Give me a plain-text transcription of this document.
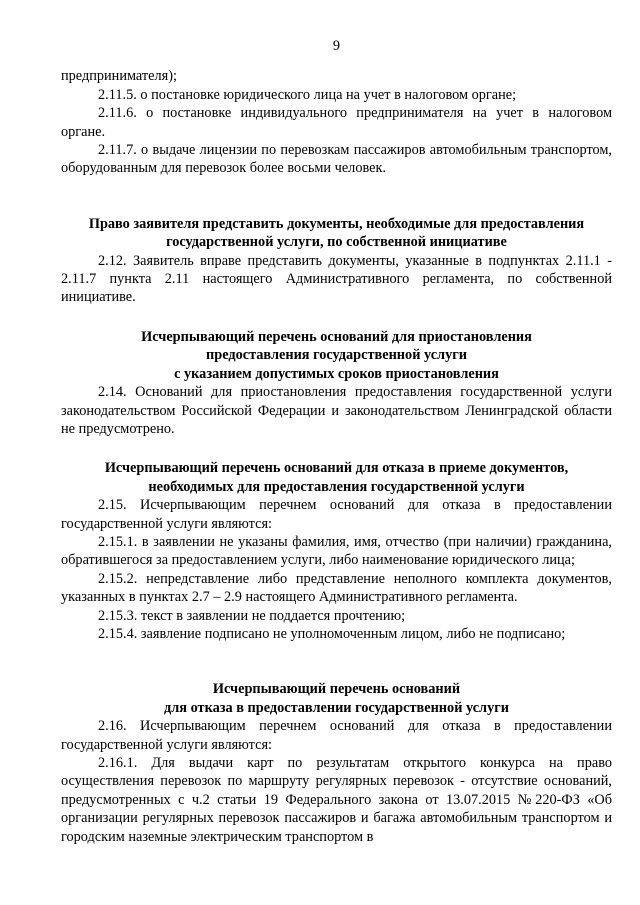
9

предпринимателя);

2.11.5. о постановке юридического лица на учет в налоговом органе;

2.11.6. о постановке индивидуального предпринимателя на учет в налоговом органе.

2.11.7. о выдаче лицензии по перевозкам пассажиров автомобильным транспортом, оборудованным для перевозок более восьми человек.

Право заявителя представить документы, необходимые для предоставления
государственной услуги, по собственной инициативе

2.12. Заявитель вправе представить документы, указанные в подпунктах 2.11.1 - 2.11.7 пункта 2.11 настоящего Административного регламента, по собственной инициативе.

Исчерпывающий перечень оснований для приостановления
предоставления государственной услуги
с указанием допустимых сроков приостановления

2.14. Оснований для приостановления предоставления государственной услуги законодательством Российской Федерации и законодательством Ленинградской области не предусмотрено.

Исчерпывающий перечень оснований для отказа в приеме документов,
необходимых для предоставления государственной услуги

2.15. Исчерпывающим перечнем оснований для отказа в предоставлении государственной услуги являются:

2.15.1. в заявлении не указаны фамилия, имя, отчество (при наличии) гражданина, обратившегося за предоставлением услуги, либо наименование юридического лица;

2.15.2. непредставление либо представление неполного комплекта документов, указанных в пунктах 2.7 – 2.9 настоящего Административного регламента.

2.15.3. текст в заявлении не поддается прочтению;

2.15.4. заявление подписано не уполномоченным лицом, либо не подписано;

Исчерпывающий перечень оснований
для отказа в предоставлении государственной услуги

2.16. Исчерпывающим перечнем оснований для отказа в предоставлении государственной услуги являются:

2.16.1. Для выдачи карт по результатам открытого конкурса на право осуществления перевозок по маршруту регулярных перевозок - отсутствие оснований, предусмотренных с ч.2 статьи 19 Федерального закона от 13.07.2015 №220-ФЗ «Об организации регулярных перевозок пассажиров и багажа автомобильным транспортом и городским наземные электрическим транспортом в
